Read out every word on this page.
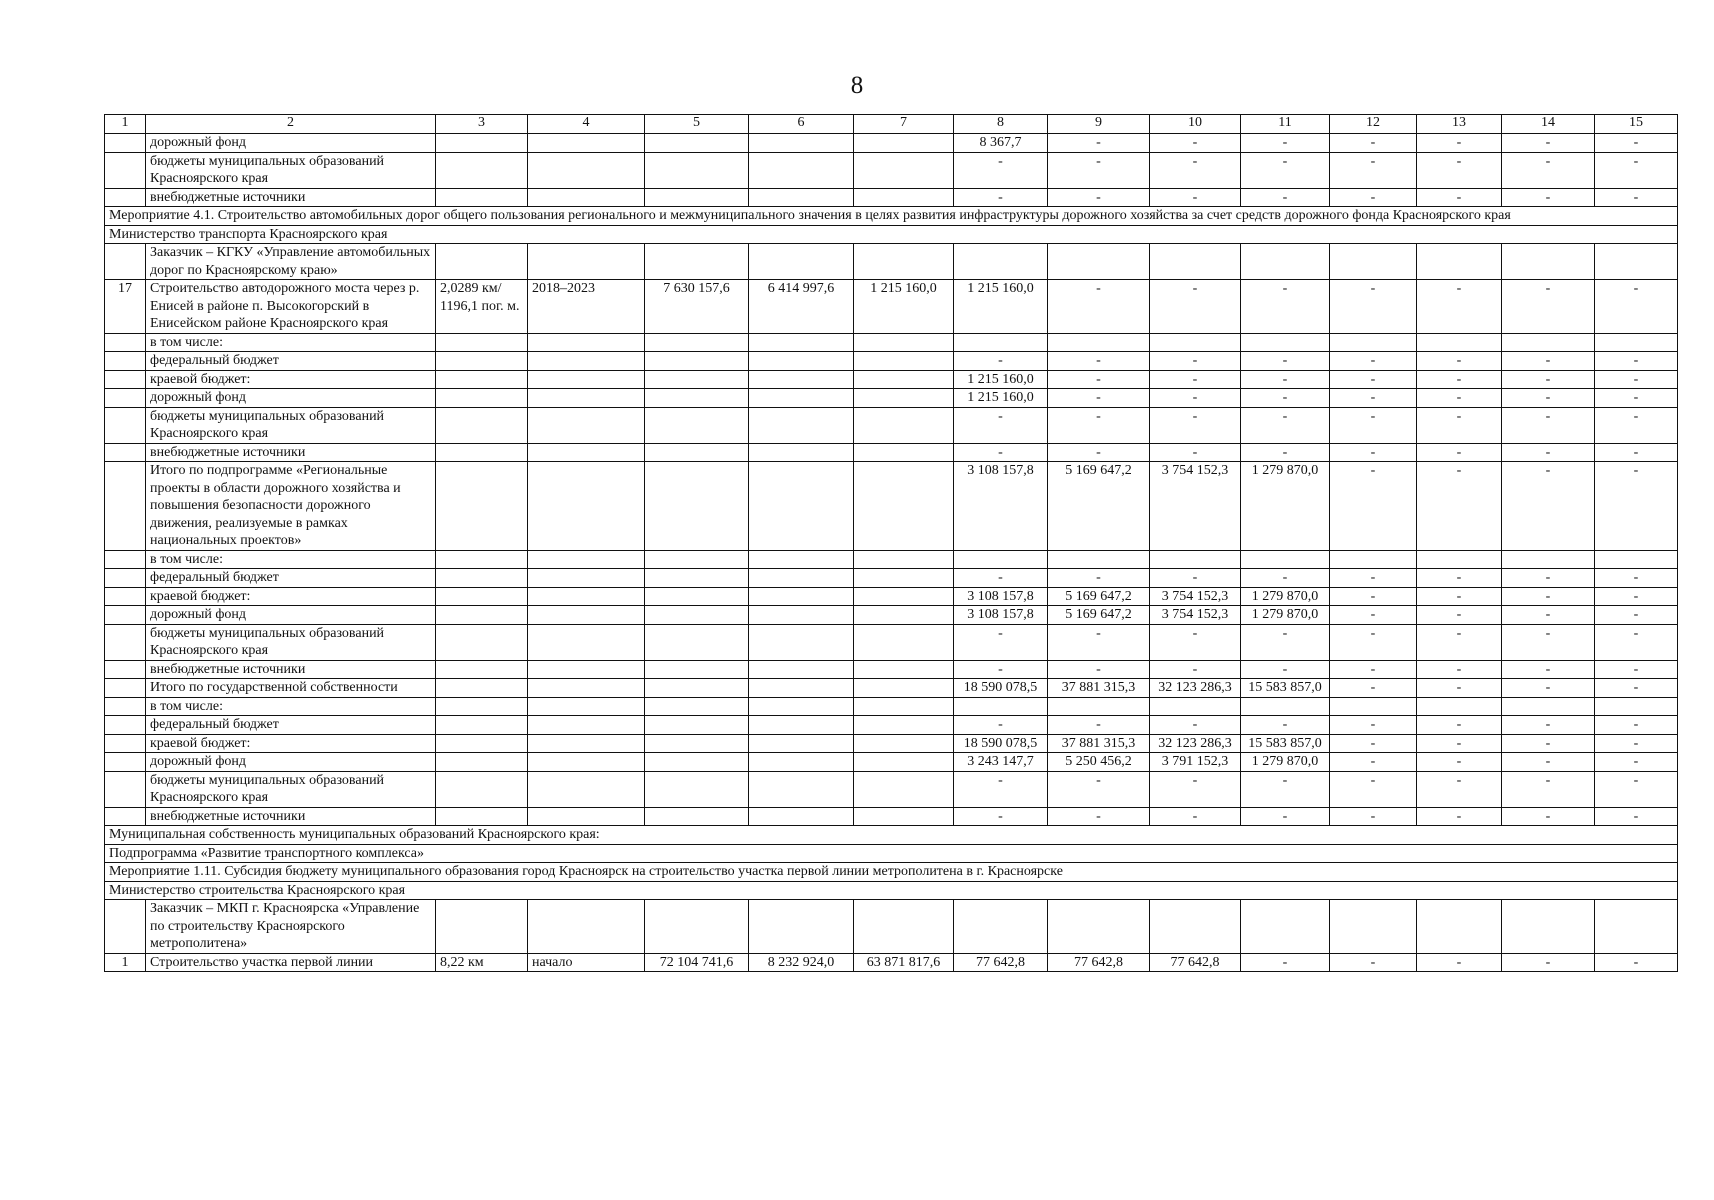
8
1	2	3	4	5	6	7	8	9	10	11	12	13	14	15
	дорожный фонд						8 367,7	-	-	-	-	-	-	-
	бюджеты муниципальных образований Красноярского края						-	-	-	-	-	-	-	-
	внебюджетные источники						-	-	-	-	-	-	-	-
Мероприятие 4.1. Строительство автомобильных дорог общего пользования регионального и межмуниципального значения в целях развития инфраструктуры дорожного хозяйства за счет средств дорожного фонда Красноярского края														
Министерство транспорта Красноярского края														
	Заказчик – КГКУ «Управление автомобильных дорог по Красноярскому краю»													
17	Строительство автодорожного моста через р. Енисей в районе п. Высокогорский в Енисейском районе Красноярского края	2,0289 км/ 1196,1 пог. м.	2018–2023	7 630 157,6	6 414 997,6	1 215 160,0	1 215 160,0	-	-	-	-	-	-	-
	в том числе:													
	федеральный бюджет						-	-	-	-	-	-	-	-
	краевой бюджет:						1 215 160,0	-	-	-	-	-	-	-
	дорожный фонд						1 215 160,0	-	-	-	-	-	-	-
	бюджеты муниципальных образований Красноярского края						-	-	-	-	-	-	-	-
	внебюджетные источники						-	-	-	-	-	-	-	-
	Итого по подпрограмме «Региональные проекты в области дорожного хозяйства и повышения безопасности дорожного движения, реализуемые в рамках национальных проектов»						3 108 157,8	5 169 647,2	3 754 152,3	1 279 870,0	-	-	-	-
	в том числе:													
	федеральный бюджет						-	-	-	-	-	-	-	-
	краевой бюджет:						3 108 157,8	5 169 647,2	3 754 152,3	1 279 870,0	-	-	-	-
	дорожный фонд						3 108 157,8	5 169 647,2	3 754 152,3	1 279 870,0	-	-	-	-
	бюджеты муниципальных образований Красноярского края						-	-	-	-	-	-	-	-
	внебюджетные источники						-	-	-	-	-	-	-	-
	Итого по государственной собственности						18 590 078,5	37 881 315,3	32 123 286,3	15 583 857,0	-	-	-	-
	в том числе:													
	федеральный бюджет						-	-	-	-	-	-	-	-
	краевой бюджет:						18 590 078,5	37 881 315,3	32 123 286,3	15 583 857,0	-	-	-	-
	дорожный фонд						3 243 147,7	5 250 456,2	3 791 152,3	1 279 870,0	-	-	-	-
	бюджеты муниципальных образований Красноярского края						-	-	-	-	-	-	-	-
	внебюджетные источники						-	-	-	-	-	-	-	-
Муниципальная собственность муниципальных образований Красноярского края:														
Подпрограмма «Развитие транспортного комплекса»														
Мероприятие 1.11. Субсидия бюджету муниципального образования город Красноярск на строительство участка первой линии метрополитена в г. Красноярске														
Министерство строительства Красноярского края														
	Заказчик – МКП г. Красноярска «Управление по строительству Красноярского метрополитена»													
1	Строительство участка первой линии	8,22 км	начало	72 104 741,6	8 232 924,0	63 871 817,6	77 642,8	77 642,8	77 642,8	-	-	-	-	-
